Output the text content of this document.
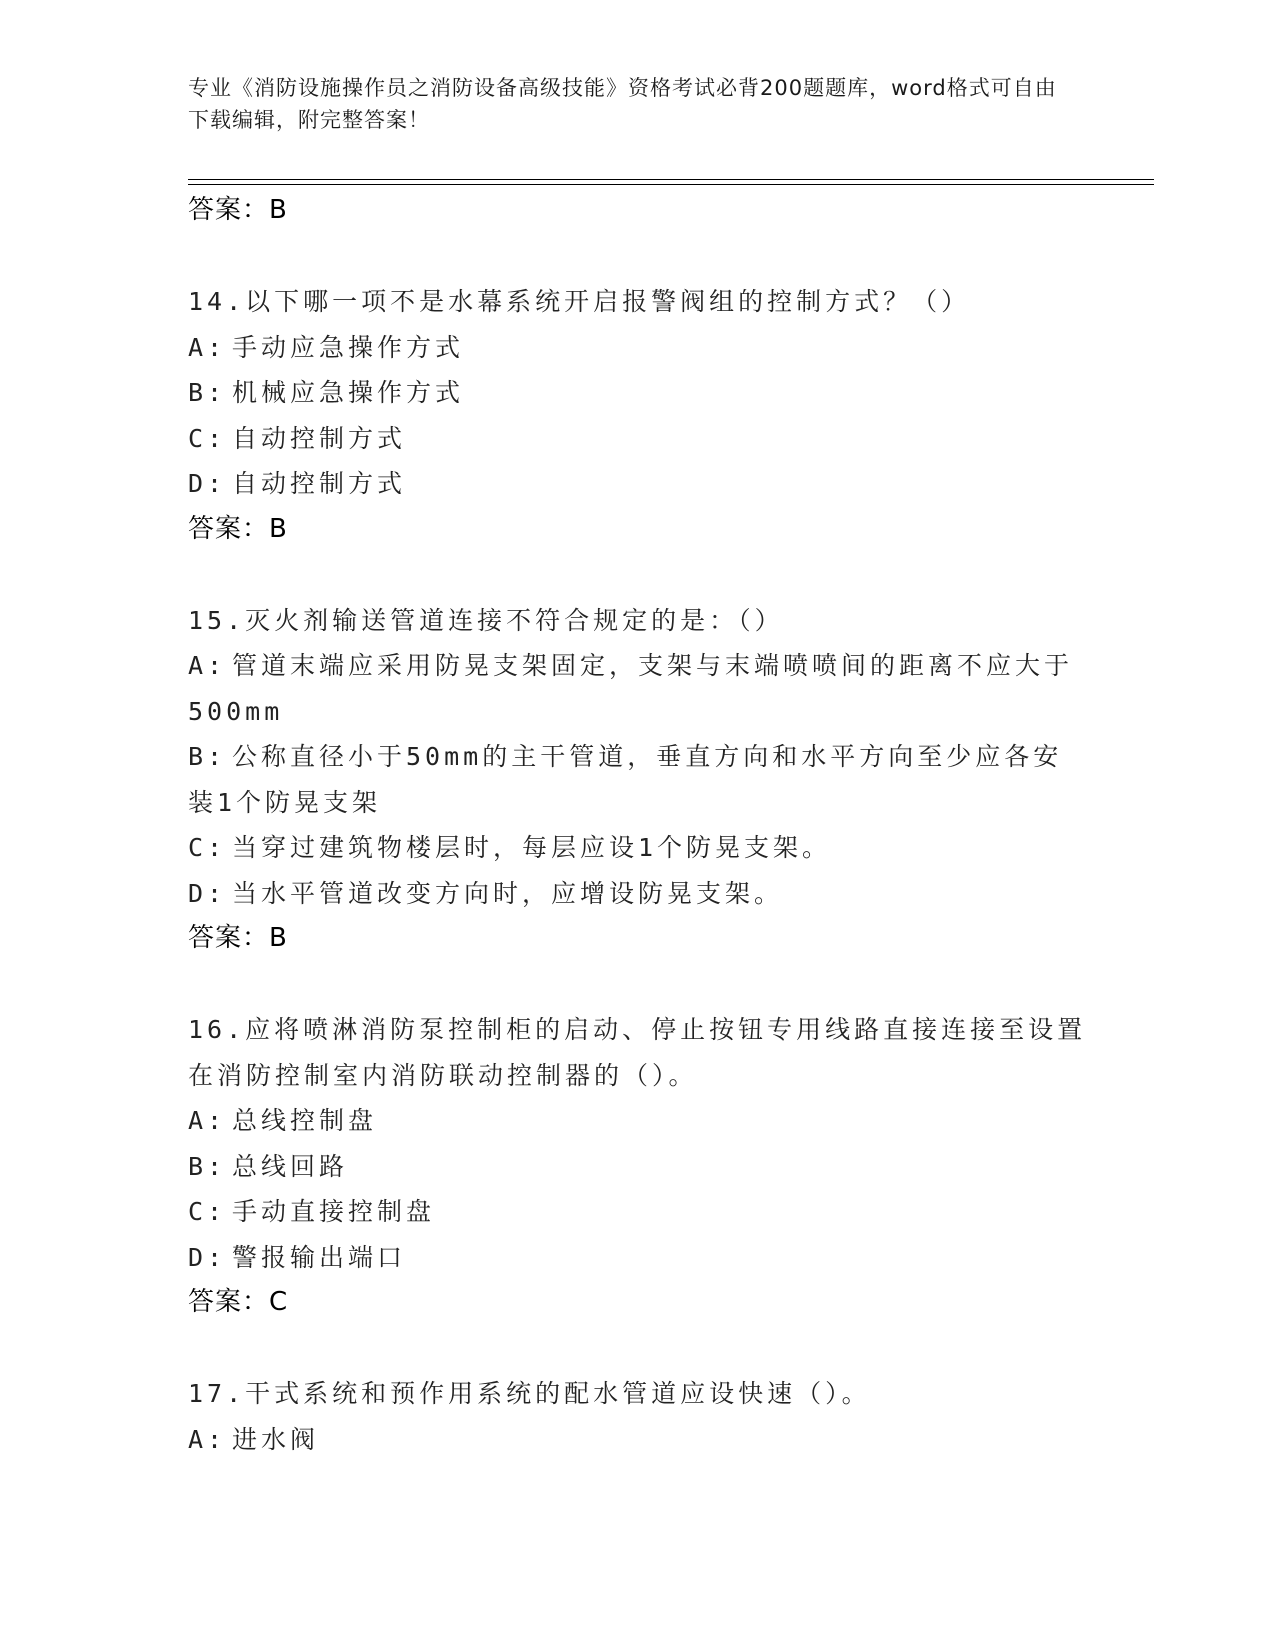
专业《消防设施操作员之消防设备高级技能》资格考试必背200题题库，word格式可自由下载编辑，附完整答案！
答案：B

14.以下哪一项不是水幕系统开启报警阀组的控制方式？（）

A: 手动应急操作方式

B: 机械应急操作方式

C: 自动控制方式

D: 自动控制方式

答案：B

15.灭火剂输送管道连接不符合规定的是：（）

A: 管道末端应采用防晃支架固定，支架与末端喷喷间的距离不应大于500mm

B: 公称直径小于50mm的主干管道，垂直方向和水平方向至少应各安装1个防晃支架

C: 当穿过建筑物楼层时，每层应设1个防晃支架。

D: 当水平管道改变方向时，应增设防晃支架。

答案：B

16.应将喷淋消防泵控制柜的启动、停止按钮专用线路直接连接至设置在消防控制室内消防联动控制器的（）。

A: 总线控制盘

B: 总线回路

C: 手动直接控制盘

D: 警报输出端口

答案：C

17.干式系统和预作用系统的配水管道应设快速（）。

A: 进水阀
